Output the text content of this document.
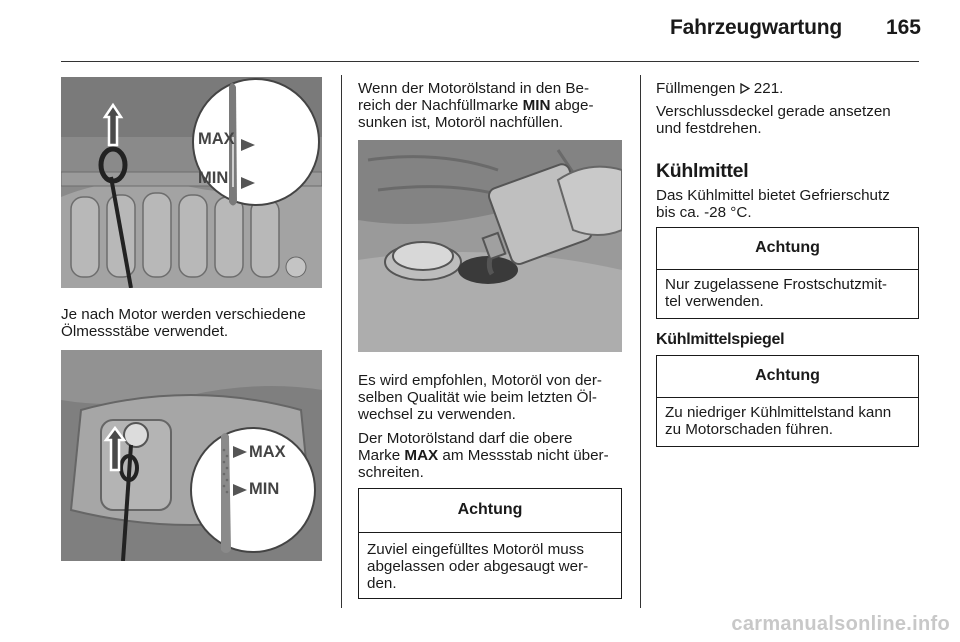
Fahrzeugwartung 165
MAX
MIN
Je nach Motor werden verschiedene
Ölmessstäbe verwendet.
MAX
MIN
Wenn der Motorölstand in den Be-
reich der Nachfüllmarke MIN abge-
sunken ist, Motoröl nachfüllen.
Es wird empfohlen, Motoröl von der-
selben Qualität wie beim letzten Öl-
wechsel zu verwenden.
Der Motorölstand darf die obere
Marke MAX am Messstab nicht über-
schreiten.
Achtung
Zuviel eingefülltes Motoröl muss
abgelassen oder abgesaugt wer-
den.
Füllmengen
221.
Verschlussdeckel gerade ansetzen
und festdrehen.
Kühlmittel
Das Kühlmittel bietet Gefrierschutz
bis ca. -28 °C.
Achtung
Nur zugelassene Frostschutzmit-
tel verwenden.
Kühlmittelspiegel
Achtung
Zu niedriger Kühlmittelstand kann
zu Motorschaden führen.
carmanualsonline.info
